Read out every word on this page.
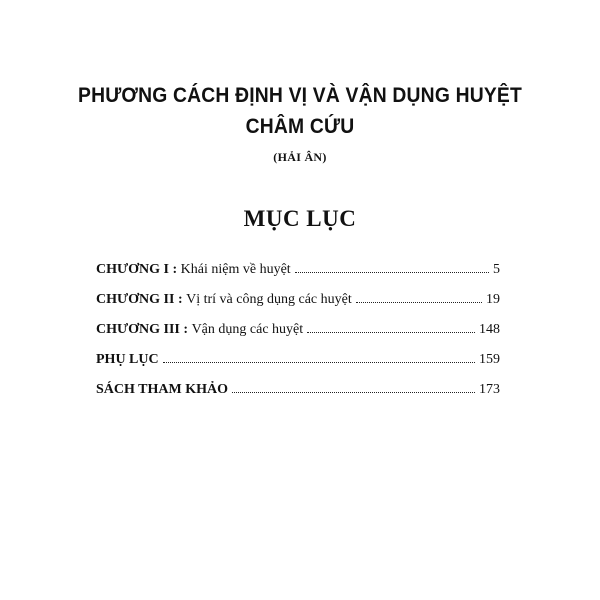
PHƯƠNG CÁCH ĐỊNH VỊ VÀ VẬN DỤNG HUYỆT
CHÂM CỨU
(HẢI ÂN)
MỤC LỤC
CHƯƠNG I : Khái niệm về huyệt	5
CHƯƠNG II : Vị trí và công dụng các huyệt	19
CHƯƠNG III : Vận dụng các huyệt	148
PHỤ LỤC	159
SÁCH THAM KHẢO	173
